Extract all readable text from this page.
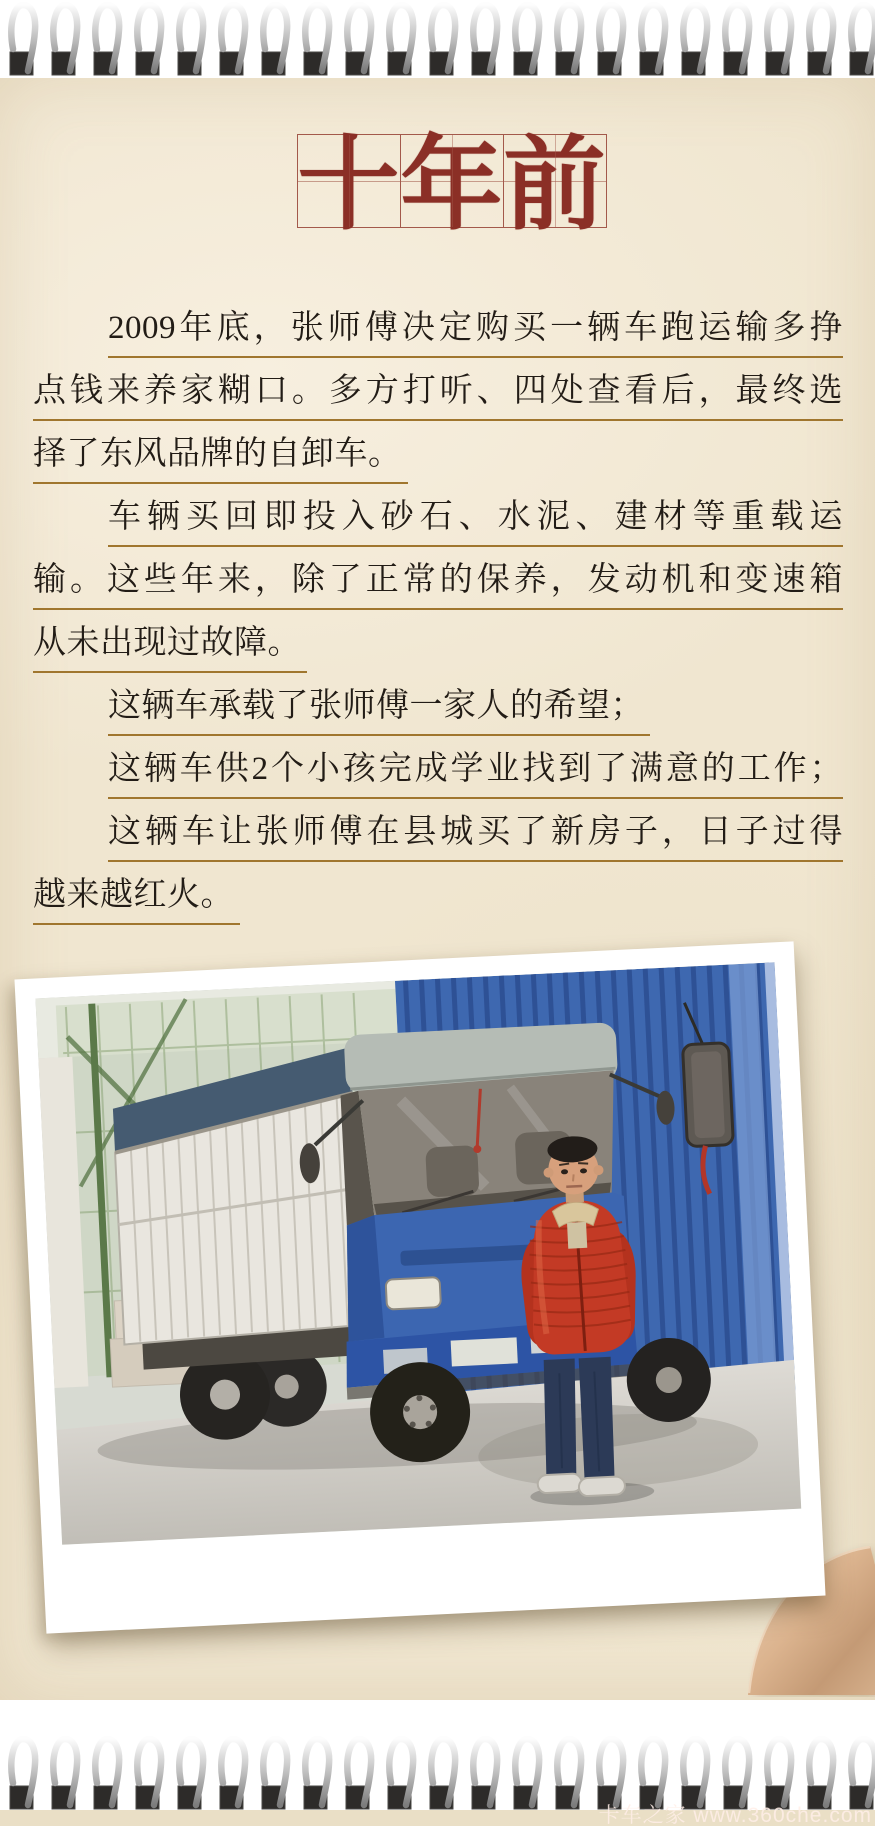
十 年 前
2009年底，张师傅决定购买一辆车跑运输多挣
点钱来养家糊口。多方打听、四处查看后，最终选
择了东风品牌的自卸车。
车辆买回即投入砂石、水泥、建材等重载运
输。这些年来，除了正常的保养，发动机和变速箱
从未出现过故障。
这辆车承载了张师傅一家人的希望；
这辆车供2个小孩完成学业找到了满意的工作；
这辆车让张师傅在县城买了新房子，日子过得
越来越红火。
卡车之家 www.360che.com
